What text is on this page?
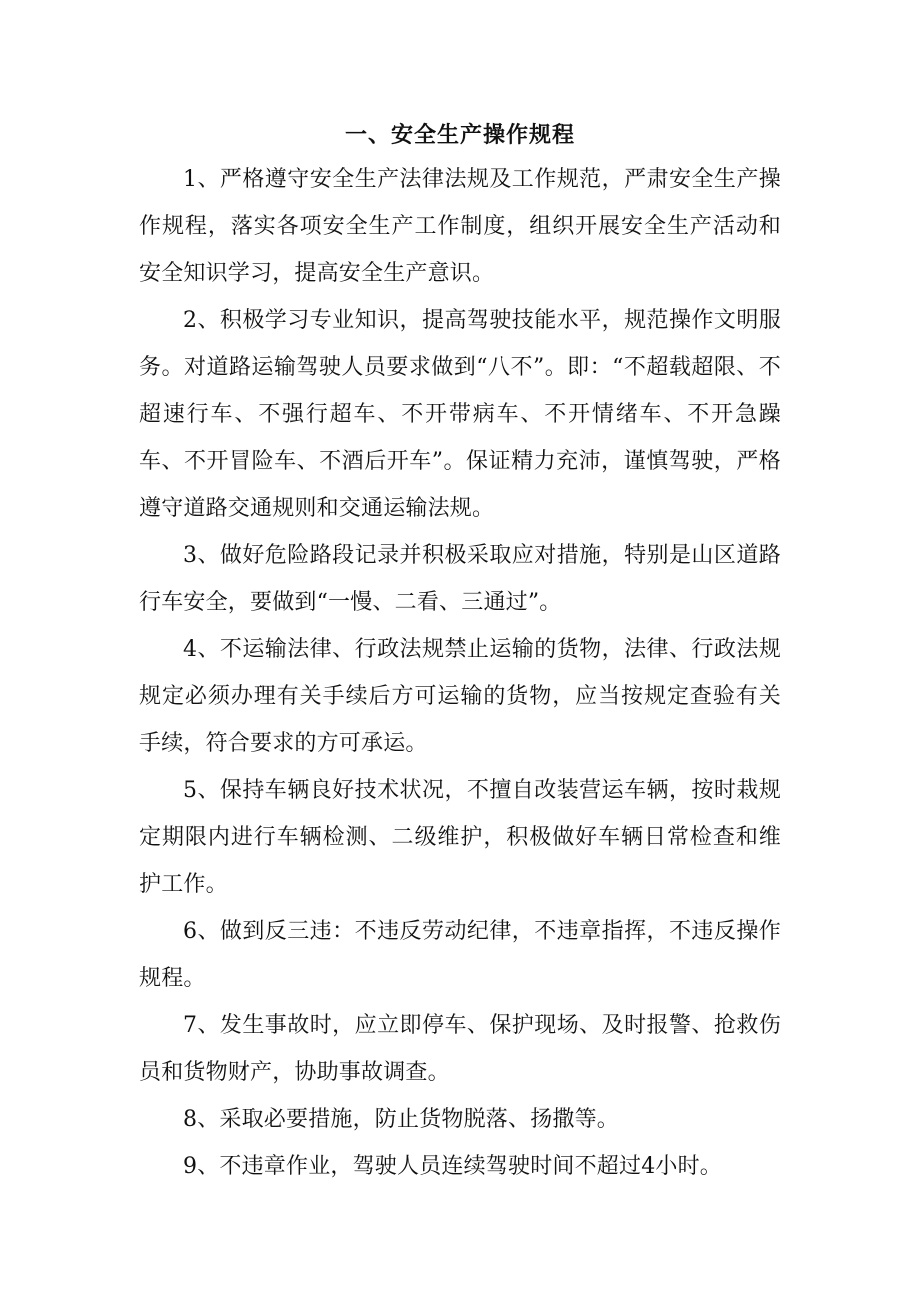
一、安全生产操作规程

1、严格遵守安全生产法律法规及工作规范，严肃安全生产操作规程，落实各项安全生产工作制度，组织开展安全生产活动和安全知识学习，提高安全生产意识。

2、积极学习专业知识，提高驾驶技能水平，规范操作文明服务。对道路运输驾驶人员要求做到“八不”。即：“不超载超限、不超速行车、不强行超车、不开带病车、不开情绪车、不开急躁车、不开冒险车、不酒后开车”。保证精力充沛，谨慎驾驶，严格遵守道路交通规则和交通运输法规。

3、做好危险路段记录并积极采取应对措施，特别是山区道路行车安全，要做到“一慢、二看、三通过”。

4、不运输法律、行政法规禁止运输的货物，法律、行政法规规定必须办理有关手续后方可运输的货物，应当按规定查验有关手续，符合要求的方可承运。

5、保持车辆良好技术状况，不擅自改装营运车辆，按时栽规定期限内进行车辆检测、二级维护，积极做好车辆日常检查和维护工作。

6、做到反三违：不违反劳动纪律，不违章指挥，不违反操作规程。

7、发生事故时，应立即停车、保护现场、及时报警、抢救伤员和货物财产，协助事故调查。

8、采取必要措施，防止货物脱落、扬撒等。

9、不违章作业，驾驶人员连续驾驶时间不超过4小时。
